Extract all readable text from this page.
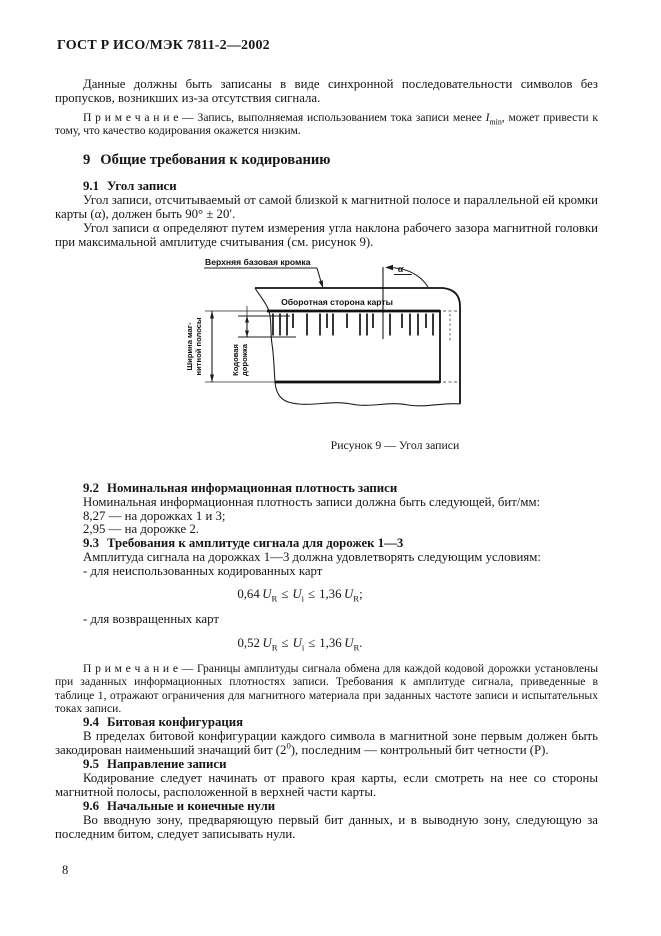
ГОСТ Р ИСО/МЭК 7811-2—2002

Данные должны быть записаны в виде синхронной последовательности символов без пропусков, возникших из-за отсутствия сигнала.

П р и м е ч а н и е — Запись, выполняемая использованием тока записи менее $I_{min}$, может привести к тому, что качество кодирования окажется низким.

9 Общие требования к кодированию
9.1 Угол записи

Угол записи, отсчитываемый от самой близкой к магнитной полосе и параллельной ей кромки карты (α), должен быть 90° ± 20′.

Угол записи α определяют путем измерения угла наклона рабочего зазора магнитной головки при максимальной амплитуде считывания (см. рисунок 9).

Верхняя базовая кромка
α
Оборотная сторона карты
Ширина маг- нитной полосы	Кодовая дорожка
Рисунок 9 — Угол записи
9.2 Номинальная информационная плотность записи

Номинальная информационная плотность записи должна быть следующей, бит/мм:

8,27 — на дорожках 1 и 3;

2,95 — на дорожке 2.

9.3 Требования к амплитуде сигнала для дорожек 1—3

Амплитуда сигнала на дорожках 1—3 должна удовлетворять следующим условиям:

- для неиспользованных кодированных карт

0,64  $U_R \le U_i \le 1,36$  $U_R$;

- для возвращенных карт

0,52  $U_R \le U_i \le 1,36$  $U_R$.

П р и м е ч а н и е — Границы амплитуды сигнала обмена для каждой кодовой дорожки установлены при заданных информационных плотностях записи. Требования к амплитуде сигнала, приведенные в таблице 1, отражают ограничения для магнитного материала при заданных частоте записи и испытательных токах записи.

9.4 Битовая конфигурация

В пределах битовой конфигурации каждого символа в магнитной зоне первым должен быть закодирован наименьший значащий бит $(2^0)$, последним — контрольный бит четности (Р).

9.5 Направление записи

Кодирование следует начинать от правого края карты, если смотреть на нее со стороны магнитной полосы, расположенной в верхней части карты.

9.6 Начальные и конечные нули

Во вводную зону, предваряющую первый бит данных, и в выводную зону, следующую за последним битом, следует записывать нули.

8
